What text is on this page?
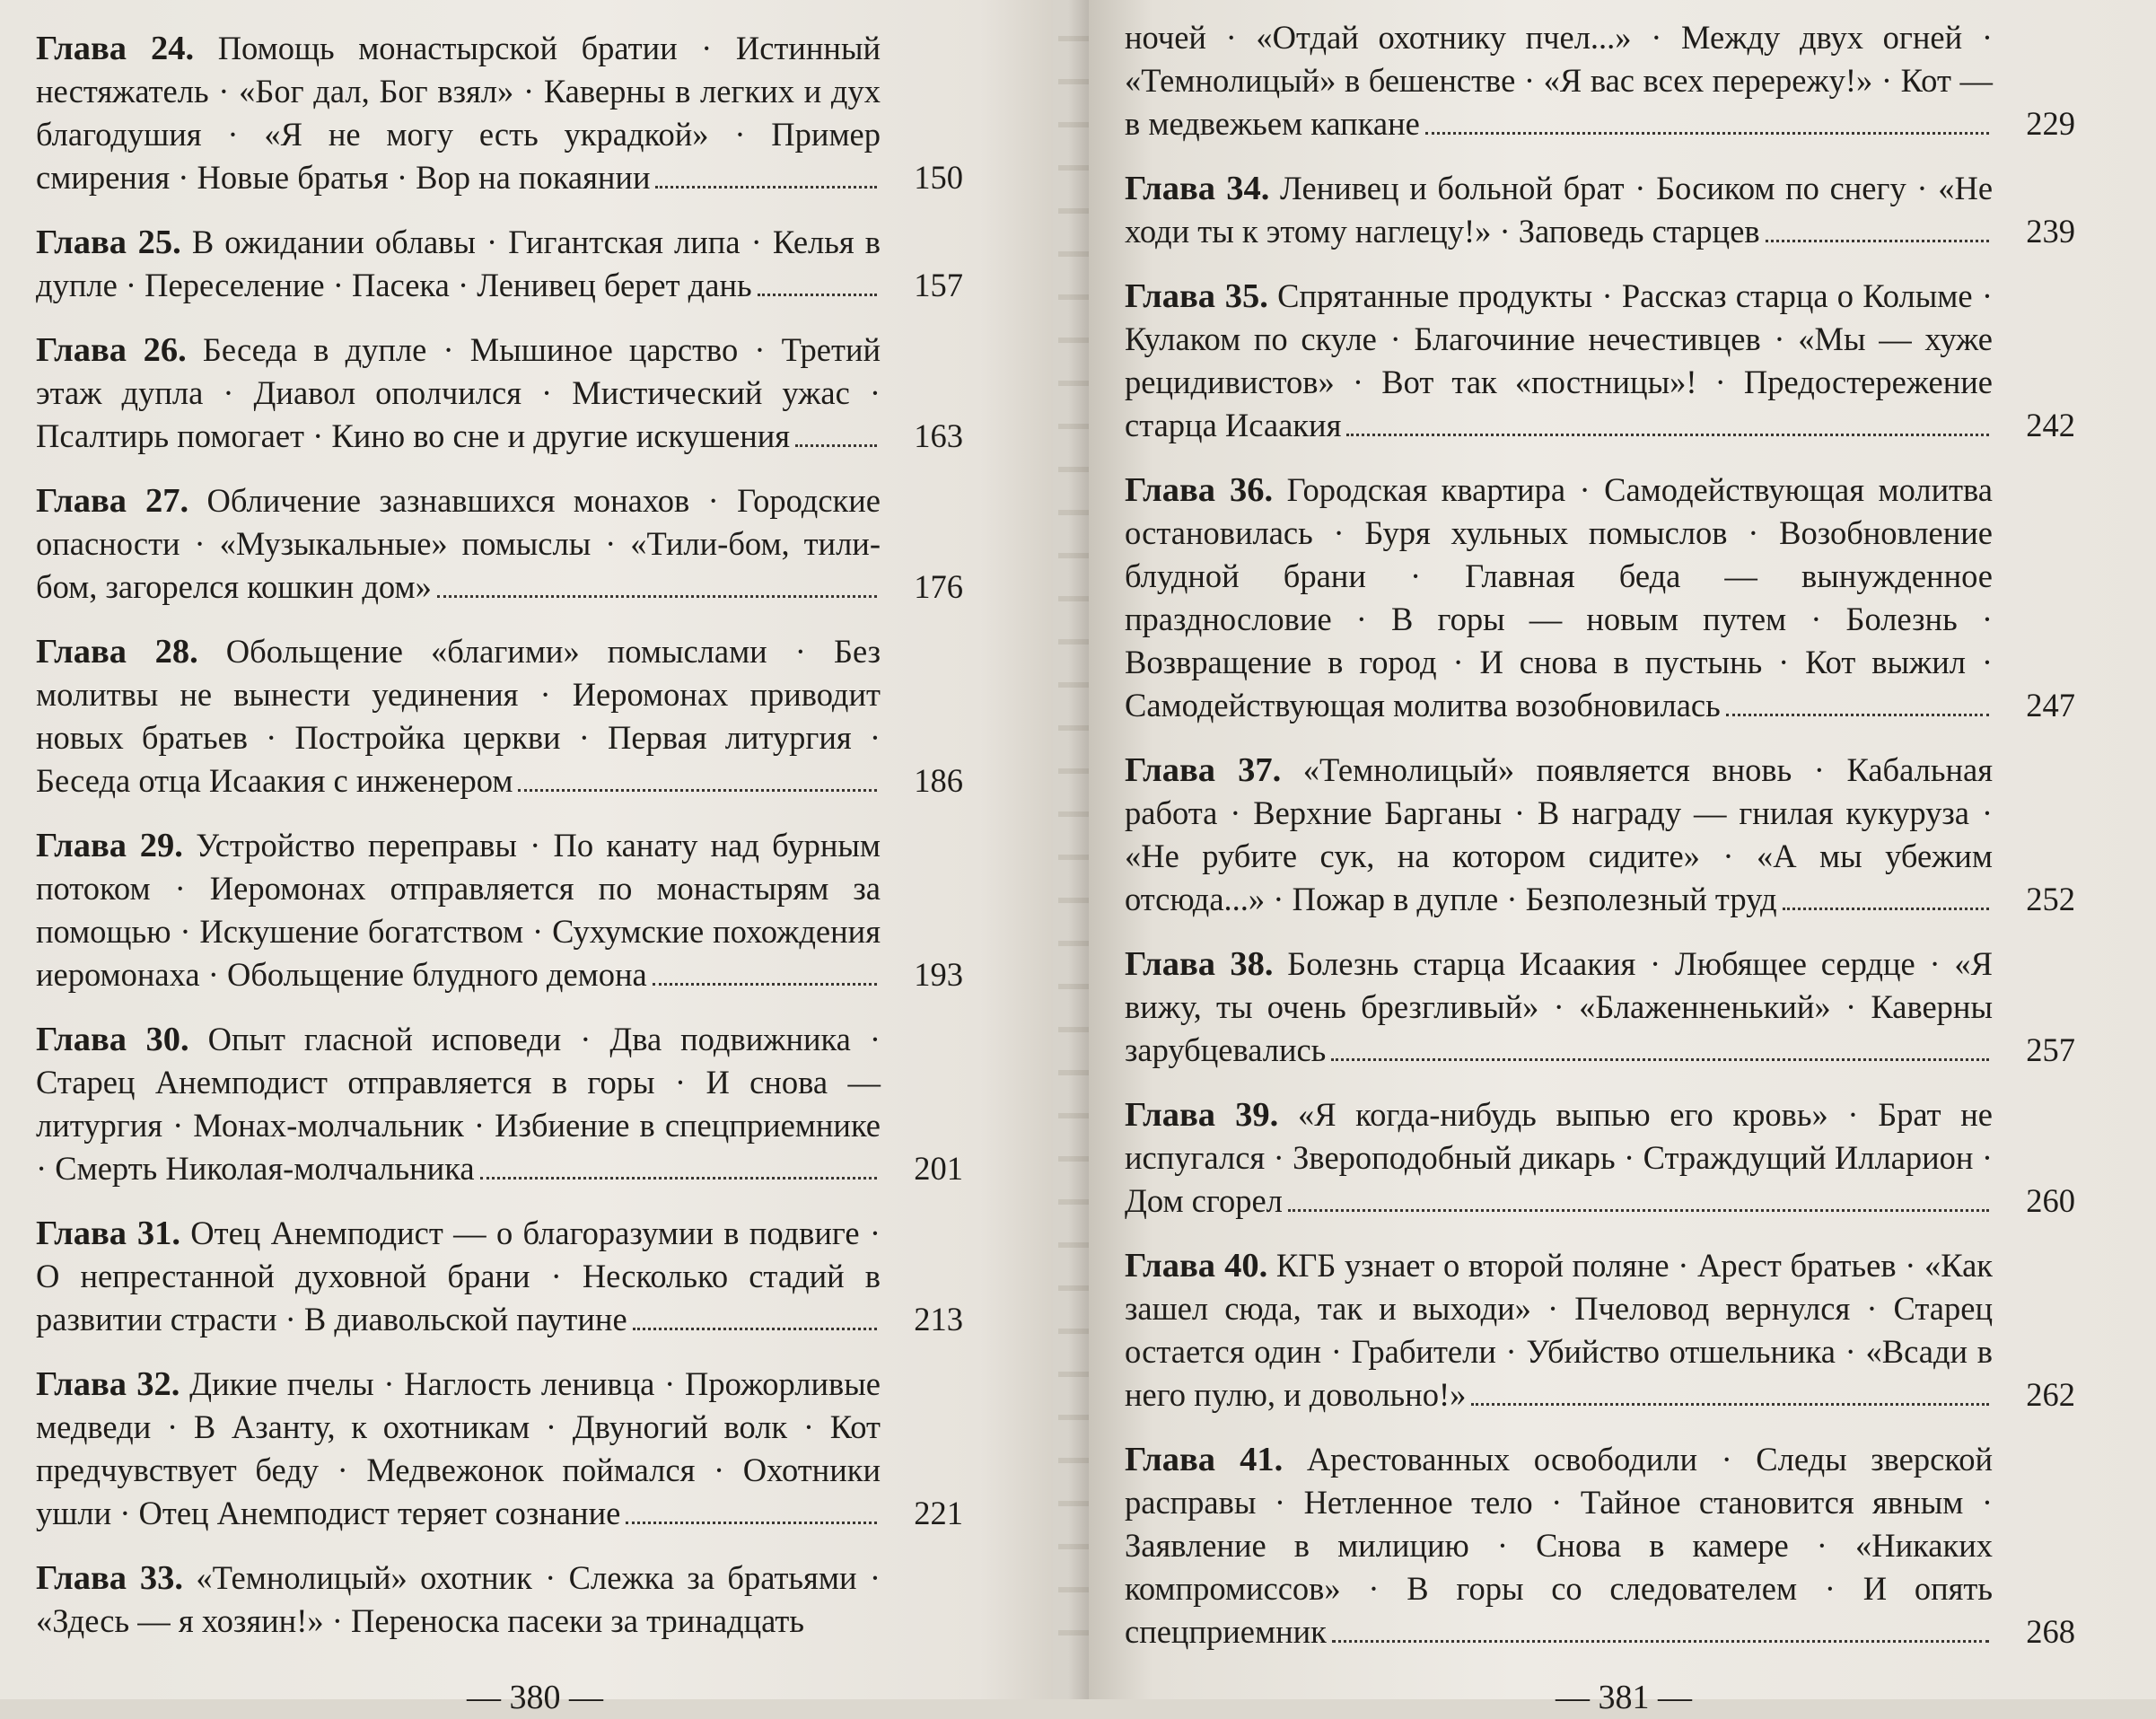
Глава 24. Помощь монастырской братии · Истинный нестяжатель · «Бог дал, Бог взял» · Каверны в легких и дух благодушия · «Я не могу есть украдкой» · Пример смирения · Новые братья · Вор на покаянии	150
Глава 25. В ожидании облавы · Гигантская липа · Келья в дупле · Переселение · Пасека · Ленивец берет дань	157
Глава 26. Беседа в дупле · Мышиное царство · Третий этаж дупла · Диавол ополчился · Мистический ужас · Псалтирь помогает · Кино во сне и другие искушения	163
Глава 27. Обличение зазнавшихся монахов · Городские опасности · «Музыкальные» помыслы · «Тили-бом, тили-бом, загорелся кошкин дом»	176
Глава 28. Обольщение «благими» помыслами · Без молитвы не вынести уединения · Иеромонах приводит новых братьев · Постройка церкви · Первая литургия · Беседа отца Исаакия с инженером	186
Глава 29. Устройство переправы · По канату над бурным потоком · Иеромонах отправляется по монастырям за помощью · Искушение богатством · Сухумские похождения иеромонаха · Обольщение блудного демона	193
Глава 30. Опыт гласной исповеди · Два подвижника · Старец Анемподист отправляется в горы · И снова — литургия · Монах-молчальник · Избиение в спецприемнике · Смерть Николая-молчальника	201
Глава 31. Отец Анемподист — о благоразумии в подвиге · О непрестанной духовной брани · Несколько стадий в развитии страсти · В диавольской паутине	213
Глава 32. Дикие пчелы · Наглость ленивца · Прожорливые медведи · В Азанту, к охотникам · Двуногий волк · Кот предчувствует беду · Медвежонок поймался · Охотники ушли · Отец Анемподист теряет сознание	221
Глава 33. «Темнолицый» охотник · Слежка за братьями · «Здесь — я хозяин!» · Переноска пасеки за тринадцать
— 380 —
ночей · «Отдай охотнику пчел...» · Между двух огней · «Темнолицый» в бешенстве · «Я вас всех перережу!» · Кот — в медвежьем капкане	229
Глава 34. Ленивец и больной брат · Босиком по снегу · «Не ходи ты к этому наглецу!» · Заповедь старцев	239
Глава 35. Спрятанные продукты · Рассказ старца о Колыме · Кулаком по скуле · Благочиние нечестивцев · «Мы — хуже рецидивистов» · Вот так «постницы»! · Предостережение старца Исаакия	242
Глава 36. Городская квартира · Самодействующая молитва остановилась · Буря хульных помыслов · Возобновление блудной брани · Главная беда — вынужденное празднословие · В горы — новым путем · Болезнь · Возвращение в город · И снова в пустынь · Кот выжил · Самодействующая молитва возобновилась	247
Глава 37. «Темнолицый» появляется вновь · Кабальная работа · Верхние Барганы · В награду — гнилая кукуруза · «Не рубите сук, на котором сидите» · «А мы убежим отсюда...» · Пожар в дупле · Безполезный труд	252
Глава 38. Болезнь старца Исаакия · Любящее сердце · «Я вижу, ты очень брезгливый» · «Блаженненький» · Каверны зарубцевались	257
Глава 39. «Я когда-нибудь выпью его кровь» · Брат не испугался · Звероподобный дикарь · Страждущий Илларион · Дом сгорел	260
Глава 40. КГБ узнает о второй поляне · Арест братьев · «Как зашел сюда, так и выходи» · Пчеловод вернулся · Старец остается один · Грабители · Убийство отшельника · «Всади в него пулю, и довольно!»	262
Глава 41. Арестованных освободили · Следы зверской расправы · Нетленное тело · Тайное становится явным · Заявление в милицию · Снова в камере · «Никаких компромиссов» · В горы со следователем · И опять спецприемник	268
— 381 —
